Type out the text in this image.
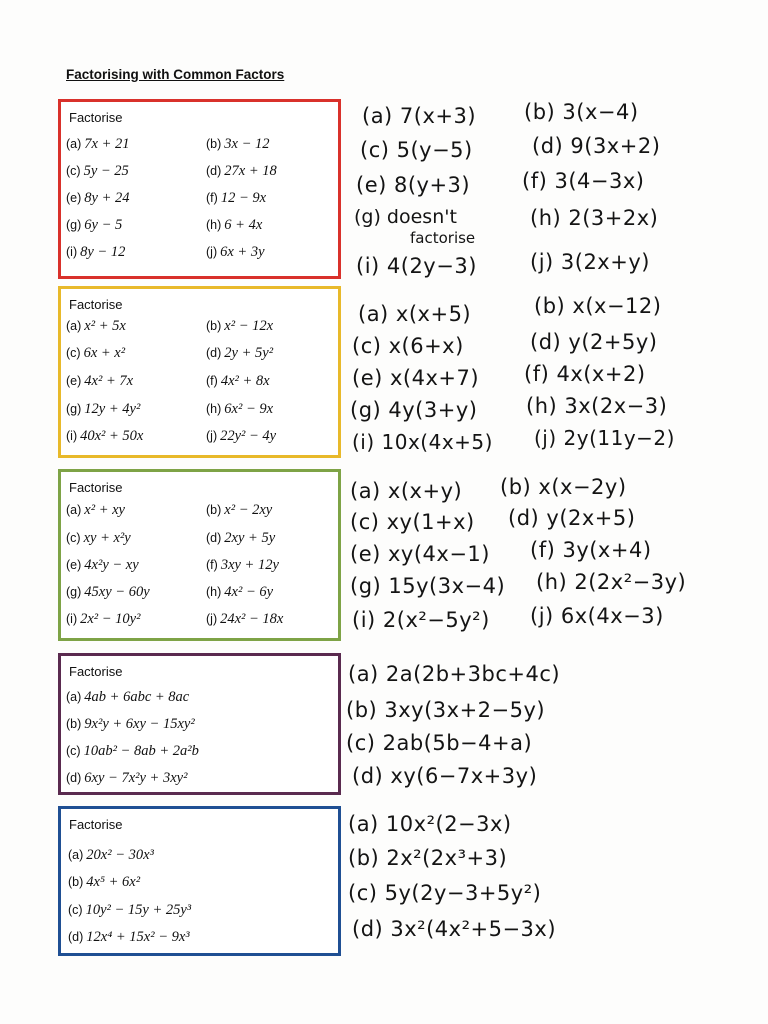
Factorising with Common Factors
Factorise
Factorise
Factorise
Factorise
Factorise
(a) 7x + 21	(b) 3x − 12
(c) 5y − 25	(d) 27x + 18
(e) 8y + 24	(f) 12 − 9x
(g) 6y − 5	(h) 6 + 4x
(i) 8y − 12	(j) 6x + 3y
(a) x² + 5x	(b) x² − 12x
(c) 6x + x²	(d) 2y + 5y²
(e) 4x² + 7x	(f) 4x² + 8x
(g) 12y + 4y²	(h) 6x² − 9x
(i) 40x² + 50x	(j) 22y² − 4y
(a) x² + xy	(b) x² − 2xy
(c) xy + x²y	(d) 2xy + 5y
(e) 4x²y − xy	(f) 3xy + 12y
(g) 45xy − 60y	(h) 4x² − 6y
(i) 2x² − 10y²	(j) 24x² − 18x
(a) 4ab + 6abc + 8ac
(b) 9x²y + 6xy − 15xy²
(c) 10ab² − 8ab + 2a²b
(d) 6xy − 7x²y + 3xy²
(a) 20x² − 30x³
(b) 4x⁵ + 6x²
(c) 10y² − 15y + 25y³
(d) 12x⁴ + 15x² − 9x³
(a) 7(x+3) (b) 3(x−4)
(c) 5(y−5)	(d) 9(3x+2)
(e) 8(y+3) (f) 3(4−3x)
(g) doesn't
factorise
(h) 2(3+2x)
(i) 4(2y−3)	(j) 3(2x+y)
(a) x(x+5)	(b) x(x−12)
(c) x(6+x)	(d) y(2+5y)
(e) x(4x+7) (f) 4x(x+2)
(g) 4y(3+y) (h) 3x(2x−3)
(i) 10x(4x+5) (j) 2y(11y−2)
(a) x(x+y) (b) x(x−2y)
(c) xy(1+x) (d) y(2x+5)
(e) xy(4x−1) (f) 3y(x+4)
(g) 15y(3x−4) (h) 2(2x²−3y)
(i) 2(x²−5y²) (j) 6x(4x−3)
(a) 2a(2b+3bc+4c)
(b) 3xy(3x+2−5y)
(c) 2ab(5b−4+a)
(d) xy(6−7x+3y)
(a) 10x²(2−3x)
(b) 2x²(2x³+3)
(c) 5y(2y−3+5y²)
(d) 3x²(4x²+5−3x)
